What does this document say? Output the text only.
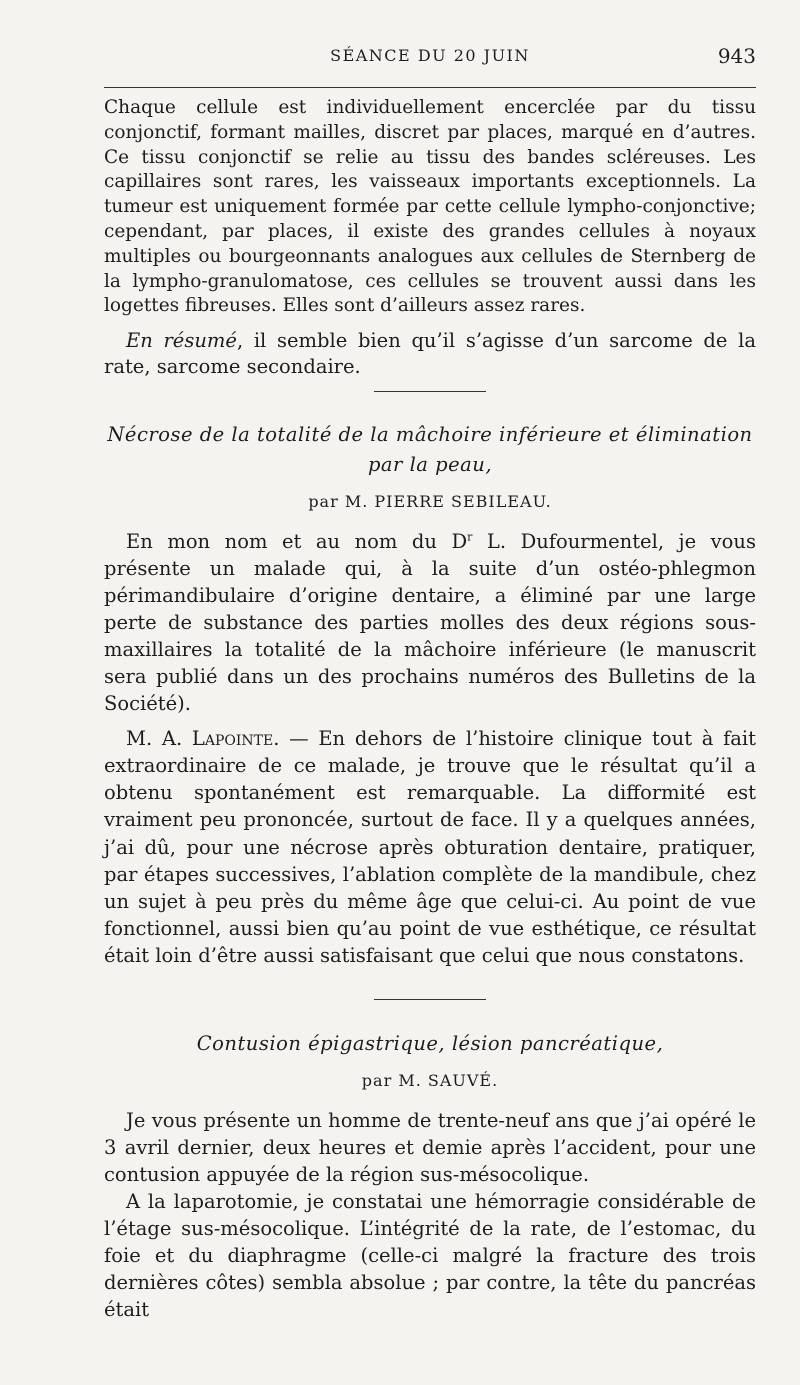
SÉANCE DU 20 JUIN	943

Chaque cellule est individuellement encerclée par du tissu conjonctif, formant mailles, discret par places, marqué en d’autres. Ce tissu conjonctif se relie au tissu des bandes scléreuses. Les capillaires sont rares, les vaisseaux importants exceptionnels. La tumeur est uniquement formée par cette cellule lympho-conjonctive; cependant, par places, il existe des grandes cellules à noyaux multiples ou bourgeonnants analogues aux cellules de Sternberg de la lympho-granulomatose, ces cellules se trouvent aussi dans les logettes fibreuses. Elles sont d’ailleurs assez rares.

En résumé, il semble bien qu’il s’agisse d’un sarcome de la rate, sarcome secondaire.

Nécrose de la totalité de la mâchoire inférieure et élimination
par la peau,
par M. PIERRE SEBILEAU.

En mon nom et au nom du $D^r$ L. Dufourmentel, je vous présente un malade qui, à la suite d’un ostéo-phlegmon périmandibulaire d’origine dentaire, a éliminé par une large perte de substance des parties molles des deux régions sous-maxillaires la totalité de la mâchoire inférieure (le manuscrit sera publié dans un des prochains numéros des Bulletins de la Société).

M. A. Lapointe. — En dehors de l’histoire clinique tout à fait extraordinaire de ce malade, je trouve que le résultat qu’il a obtenu spontanément est remarquable. La difformité est vraiment peu prononcée, surtout de face. Il y a quelques années, j’ai dû, pour une nécrose après obturation dentaire, pratiquer, par étapes successives, l’ablation complète de la mandibule, chez un sujet à peu près du même âge que celui-ci. Au point de vue fonctionnel, aussi bien qu’au point de vue esthétique, ce résultat était loin d’être aussi satisfaisant que celui que nous constatons.

Contusion épigastrique, lésion pancréatique,
par M. SAUVÉ.

Je vous présente un homme de trente-neuf ans que j’ai opéré le 3 avril dernier, deux heures et demie après l’accident, pour une contusion appuyée de la région sus-mésocolique.

A la laparotomie, je constatai une hémorragie considérable de l’étage sus-mésocolique. L’intégrité de la rate, de l’estomac, du foie et du diaphragme (celle-ci malgré la fracture des trois dernières côtes) sembla absolue ; par contre, la tête du pancréas était
